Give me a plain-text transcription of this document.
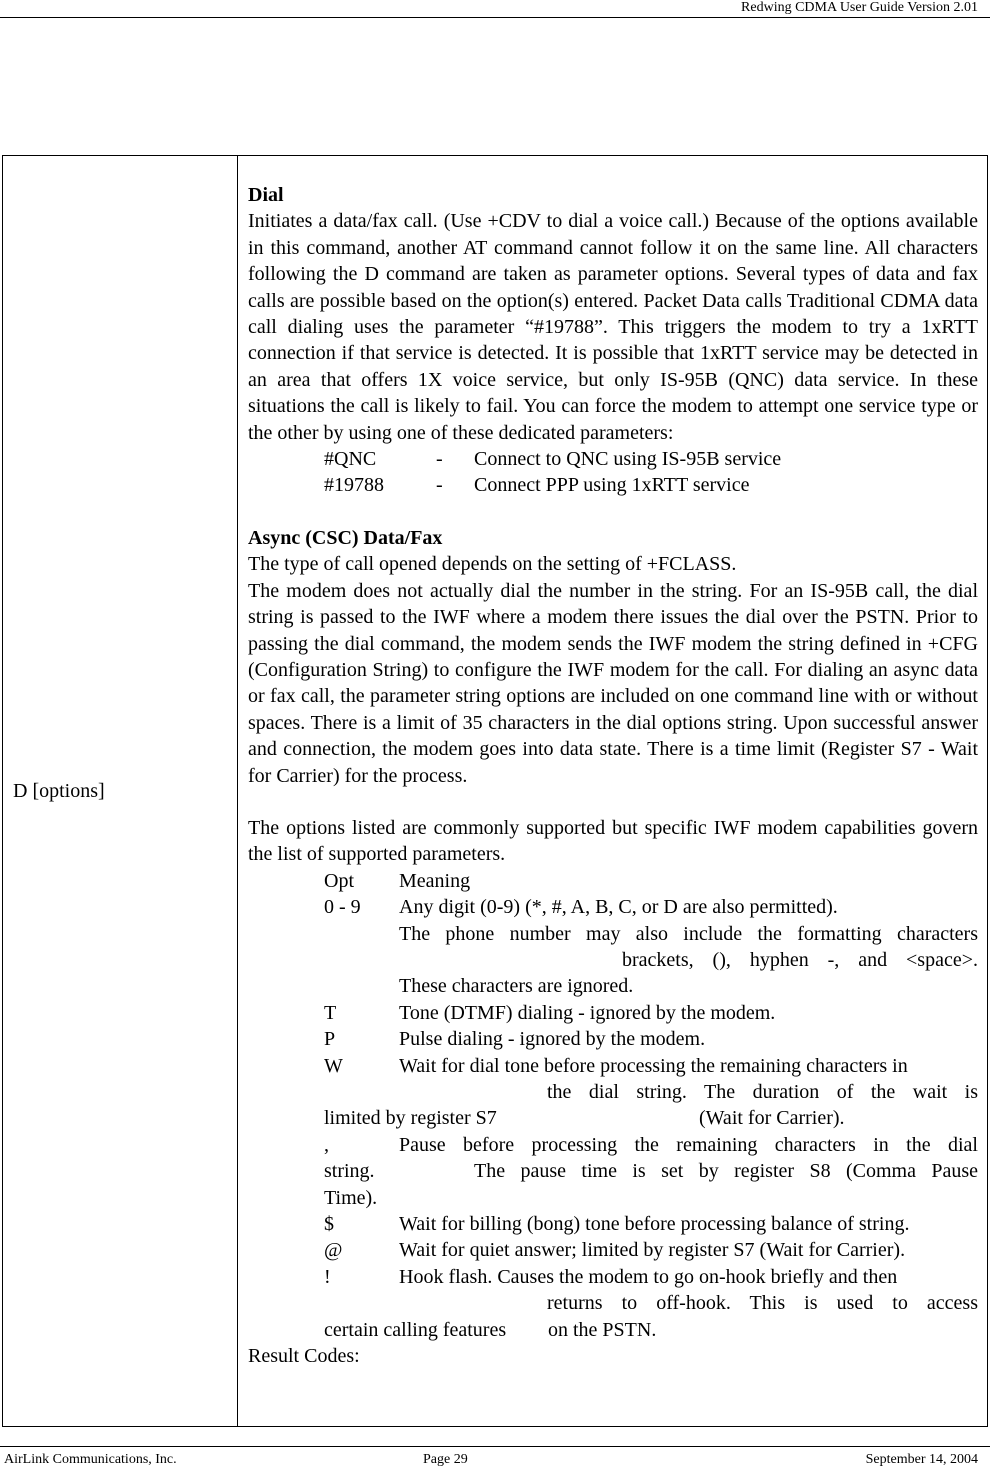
Redwing CDMA User Guide Version 2.01
D [options]	
Dial
Initiates a data/fax call. (Use +CDV to dial a voice call.) Because of the options available in this command, another AT command cannot follow it on the same line. All characters following the D command are taken as parameter options. Several types of data and fax calls are possible based on the option(s) entered. Packet Data calls Traditional CDMA data call dialing uses the parameter “#19788”. This triggers the modem to try a 1xRTT connection if that service is detected. It is possible that 1xRTT service may be detected in an area that offers 1X voice service, but only IS-95B (QNC) data service. In these situations the call is likely to fail. You can force the modem to attempt one service type or the other by using one of these dedicated parameters:
#QNC	-	Connect to QNC using IS-95B service
#19788	-	Connect PPP using 1xRTT service
Async (CSC) Data/Fax
The type of call opened depends on the setting of +FCLASS.
The modem does not actually dial the number in the string. For an IS-95B call, the dial string is passed to the IWF where a modem there issues the dial over the PSTN. Prior to passing the dial command, the modem sends the IWF modem the string defined in +CFG (Configuration String) to configure the IWF modem for the call. For dialing an async data or fax call, the parameter string options are included on one command line with or without spaces. There is a limit of 35 characters in the dial options string. Upon successful answer and connection, the modem goes into data state. There is a time limit (Register S7 - Wait for Carrier) for the process.
The options listed are commonly supported but specific IWF modem capabilities govern the list of supported parameters.
Opt	Meaning
0 - 9	Any digit (0-9) (*, #, A, B, C, or D are also permitted).
The phone number may also include the formatting characters
brackets, (), hyphen -, and <space>.
These characters are ignored.
T	Tone (DTMF) dialing - ignored by the modem.
P	Pulse dialing - ignored by the modem.
W	Wait for dial tone before processing the remaining characters in
the dial string. The duration of the wait is
limited by register S7	(Wait for Carrier).
,	Pause before processing the remaining characters in the dial
string.	The pause time is set by register S8 (Comma Pause
Time).
$	Wait for billing (bong) tone before processing balance of string.
@	Wait for quiet answer; limited by register S7 (Wait for Carrier).
!	Hook flash. Causes the modem to go on-hook briefly and then
returns to off-hook. This is used to access
certain calling features	on the PSTN.
Result Codes:
AirLink Communications, Inc.	Page 29	September 14, 2004
